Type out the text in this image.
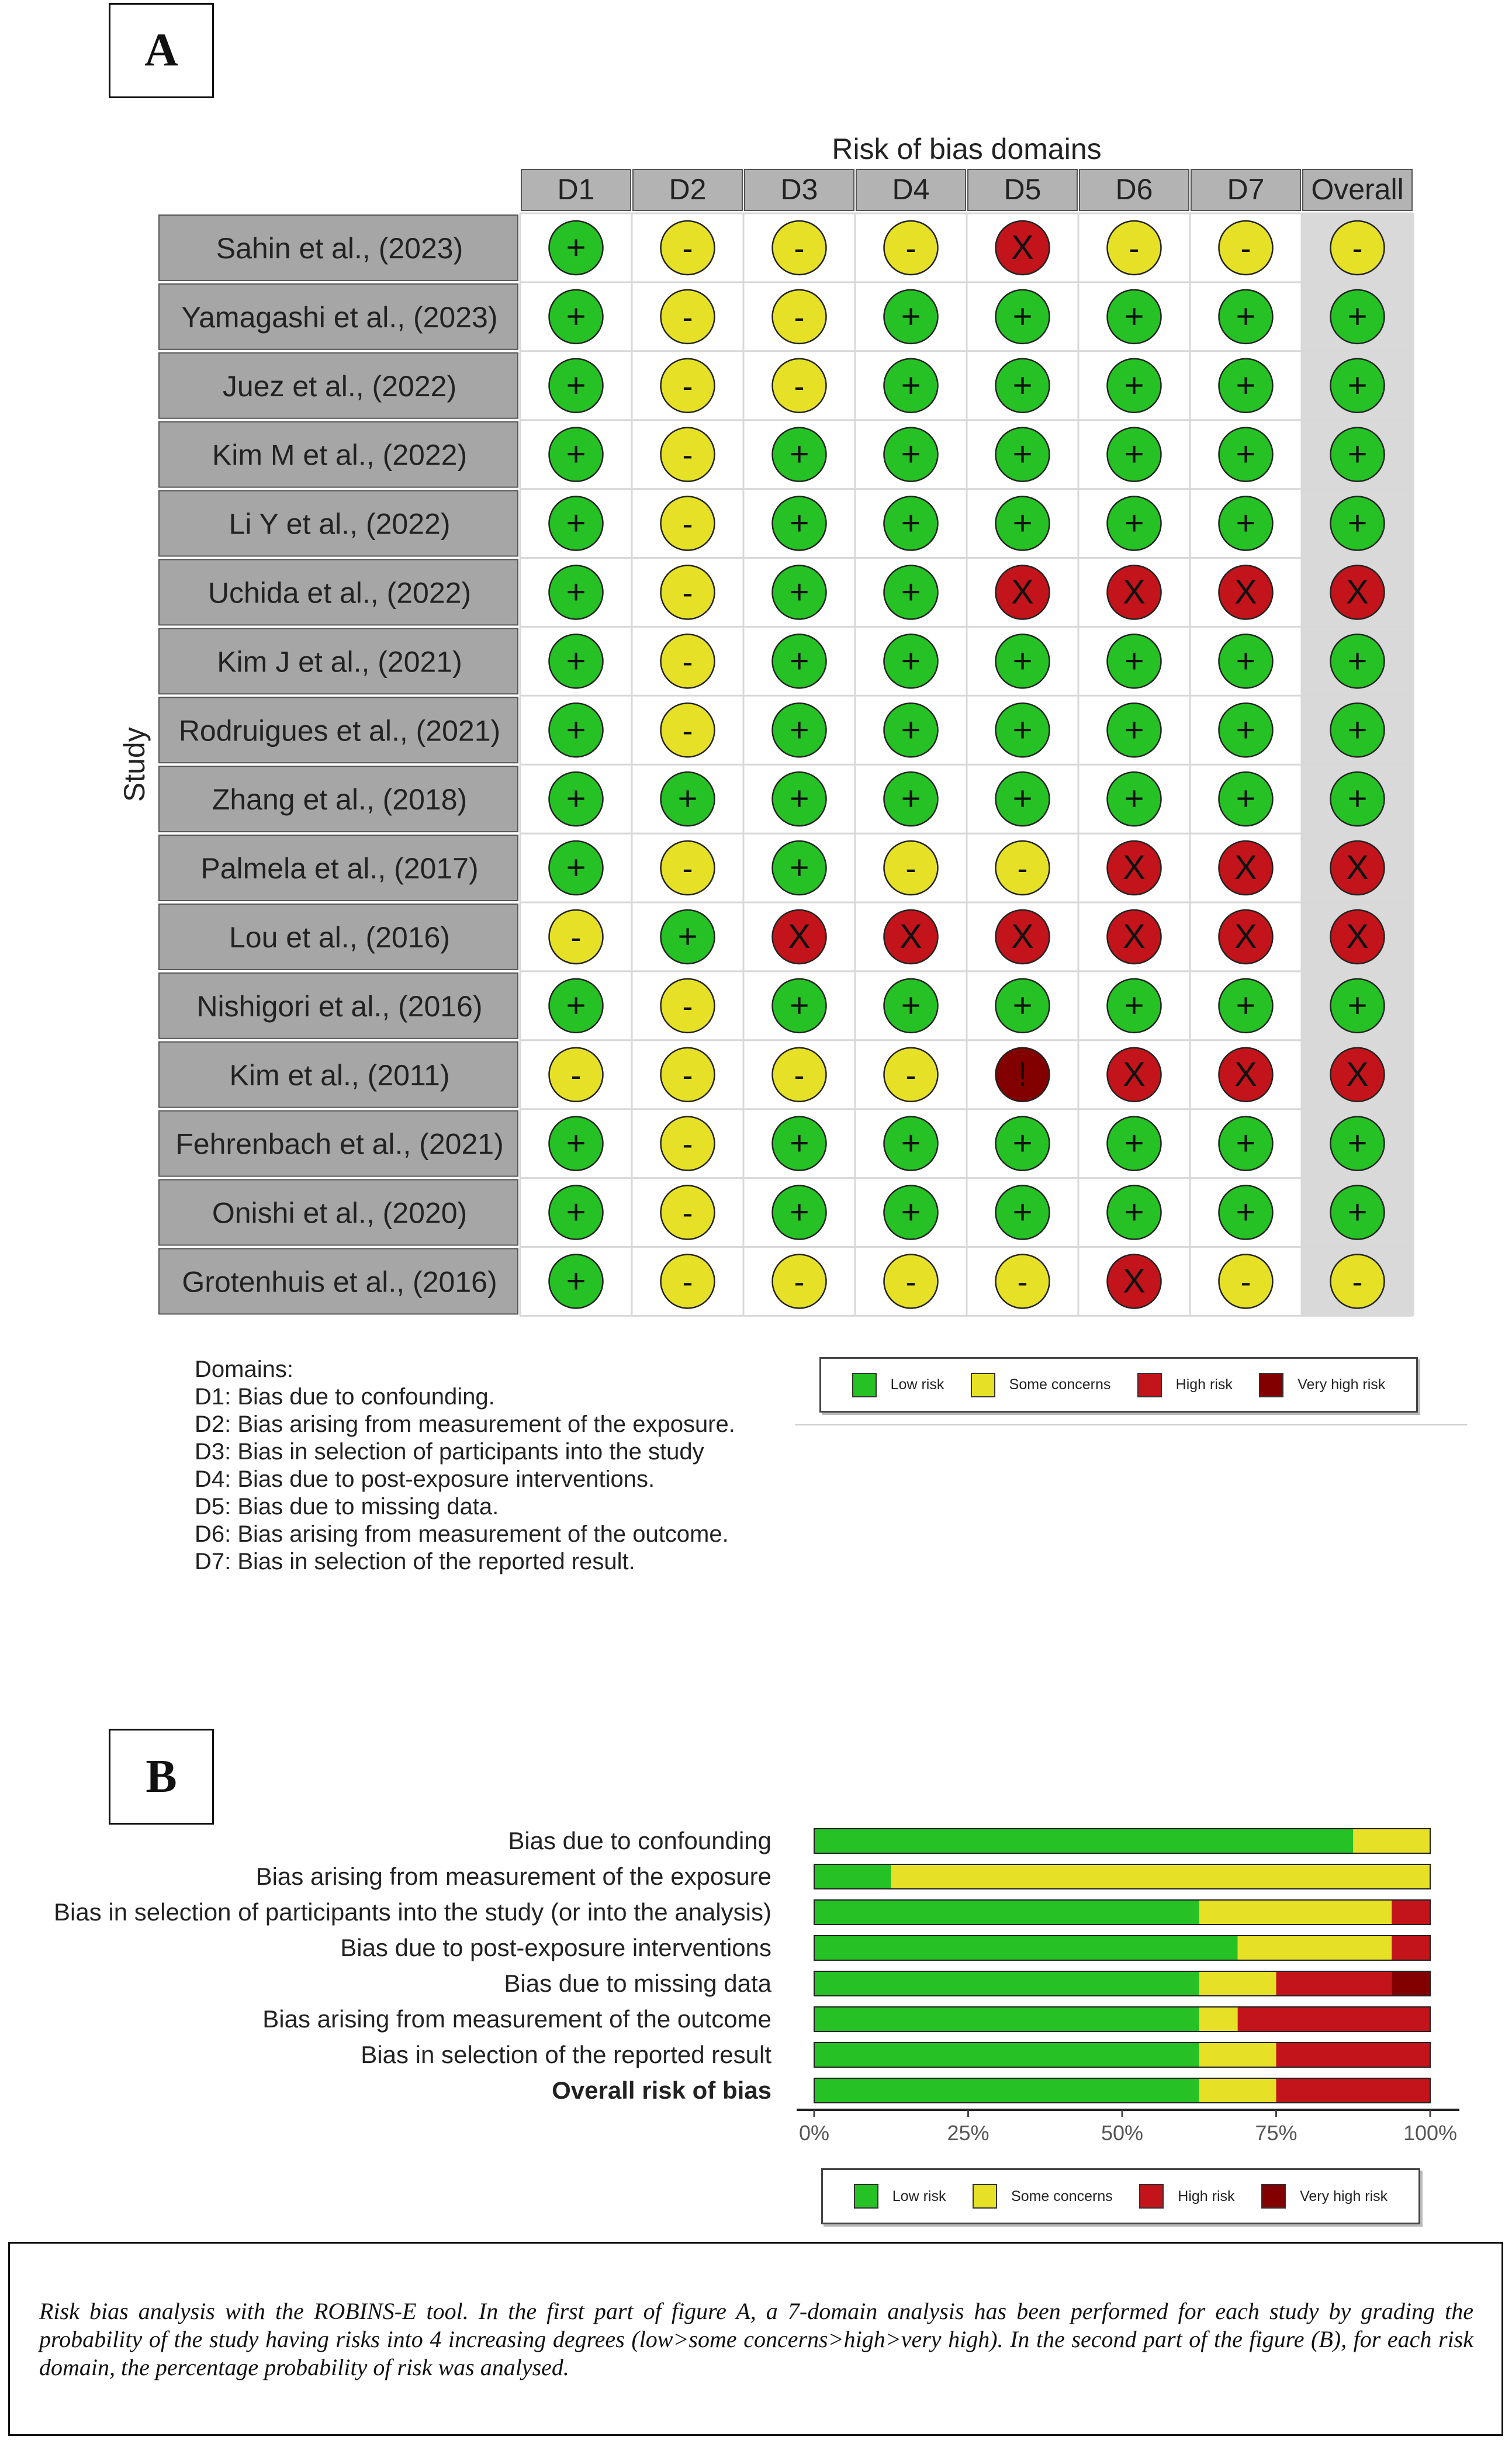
A
B
Risk of bias domains
D1	D2	D3	D4	D5	D6	D7 Overall
Study
Sahin et al., (2023)	+	-	-	-	X	-	-	-
Yamagashi et al., (2023) +	-	-	+	+	+	+	+
Juez et al., (2022)	+	-	-	+	+	+	+	+
Kim M et al., (2022)	+	-	+	+	+	+	+	+
Li Y et al., (2022)	+	-	+	+	+	+	+	+
Uchida et al., (2022)	+	-	+	+	X	X	X	X
Kim J et al., (2021)	+	-	+	+	+	+	+	+
Rodruigues et al., (2021) +	-	+	+	+	+	+	+
Zhang et al., (2018)	+	+	+	+	+	+	+	+
Palmela et al., (2017)	+	-	+	-	-	X	X	X
Lou et al., (2016)	-	+	X	X	X	X	X	X
Nishigori et al., (2016) +	-	+	+	+	+	+	+
Kim et al., (2011)	-	-	-	-	!	X	X	X
Fehrenbach et al., (2021) +	-	+	+	+	+	+	+
Onishi et al., (2020)	+	-	+	+	+	+	+	+
Grotenhuis et al., (2016) +	-	-	-	-	X	-	-
Domains:
D1: Bias due to confounding.
D2: Bias arising from measurement of the exposure.
D3: Bias in selection of participants into the study
D4: Bias due to post-exposure interventions.
D5: Bias due to missing data.
D6: Bias arising from measurement of the outcome.
D7: Bias in selection of the reported result.
Low risk	Some concerns	High risk	Very high risk
Bias due to confounding
Bias arising from measurement of the exposure
Bias in selection of participants into the study (or into the analysis)
Bias due to post-exposure interventions
Bias due to missing data
Bias arising from measurement of the outcome
Bias in selection of the reported result
Overall risk of bias
0%	25%	50%	75%	100%
Low risk	Some concerns	High risk	Very high risk
Risk bias analysis with the ROBINS-E tool. In the first part of figure A, a 7-domain analysis has been performed for each study by grading the probability of the study having risks into 4 increasing degrees (low>some concerns>high>very high). In the second part of the figure (B), for each risk domain, the percentage probability of risk was analysed.
